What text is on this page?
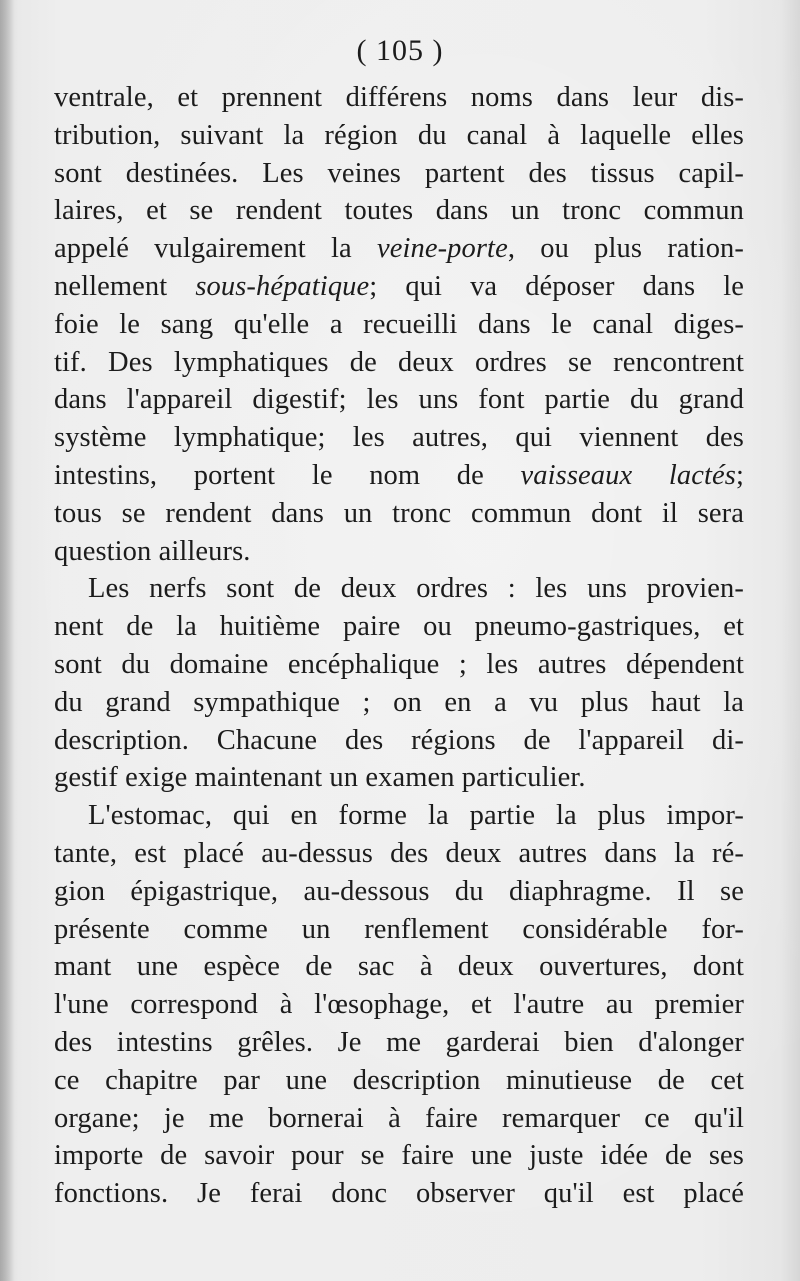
( 105 )
ventrale, et prennent différens noms dans leur dis-
tribution, suivant la région du canal à laquelle elles
sont destinées. Les veines partent des tissus capil-
laires, et se rendent toutes dans un tronc commun
appelé vulgairement la veine-porte, ou plus ration-
nellement sous-hépatique; qui va déposer dans le
foie le sang qu'elle a recueilli dans le canal diges-
tif. Des lymphatiques de deux ordres se rencontrent
dans l'appareil digestif; les uns font partie du grand
système lymphatique; les autres, qui viennent des
intestins, portent le nom de vaisseaux lactés;
tous se rendent dans un tronc commun dont il sera
question ailleurs.
Les nerfs sont de deux ordres : les uns provien-
nent de la huitième paire ou pneumo-gastriques, et
sont du domaine encéphalique ; les autres dépendent
du grand sympathique ; on en a vu plus haut la
description. Chacune des régions de l'appareil di-
gestif exige maintenant un examen particulier.
L'estomac, qui en forme la partie la plus impor-
tante, est placé au-dessus des deux autres dans la ré-
gion épigastrique, au-dessous du diaphragme. Il se
présente comme un renflement considérable for-
mant une espèce de sac à deux ouvertures, dont
l'une correspond à l'œsophage, et l'autre au premier
des intestins grêles. Je me garderai bien d'alonger
ce chapitre par une description minutieuse de cet
organe; je me bornerai à faire remarquer ce qu'il
importe de savoir pour se faire une juste idée de ses
fonctions. Je ferai donc observer qu'il est placé
